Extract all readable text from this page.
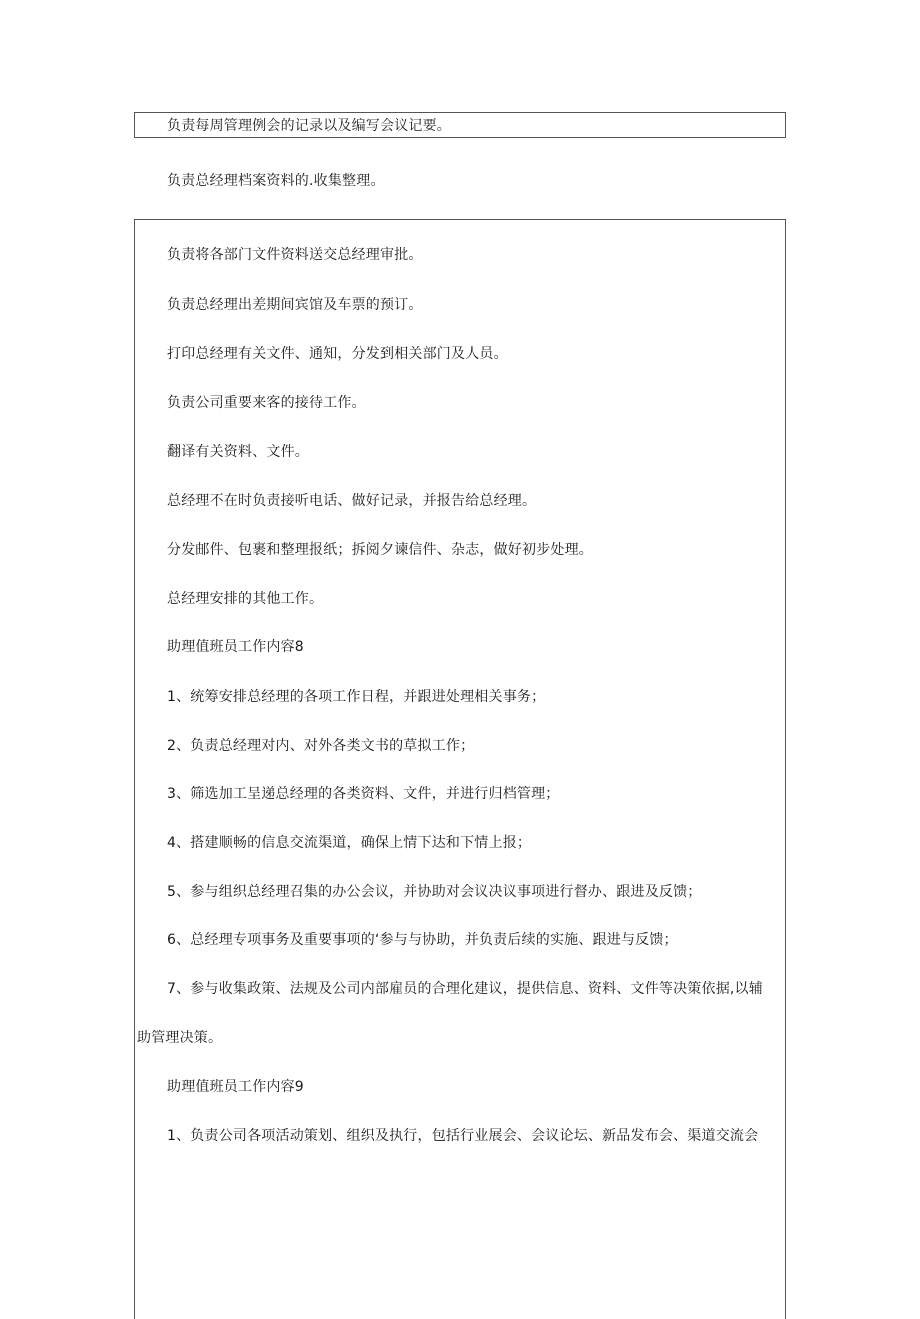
负责每周管理例会的记录以及编写会议记要。
负责总经理档案资料的.收集整理。
负责将各部门文件资料送交总经理审批。
负责总经理出差期间宾馆及车票的预订。
打印总经理有关文件、通知，分发到相关部门及人员。
负责公司重要来客的接待工作。
翻译有关资料、文件。
总经理不在时负责接听电话、做好记录，并报告给总经理。
分发邮件、包裹和整理报纸；拆阅夕谏信件、杂志，做好初步处理。
总经理安排的其他工作。
助理值班员工作内容8
1、统筹安排总经理的各项工作日程，并跟进处理相关事务；
2、负责总经理对内、对外各类文书的草拟工作；
3、筛选加工呈递总经理的各类资料、文件，并进行归档管理；
4、搭建顺畅的信息交流渠道，确保上情下达和下情上报；
5、参与组织总经理召集的办公会议，并协助对会议决议事项进行督办、跟进及反馈；
6、总经理专项事务及重要事项的‘参与与协助，并负责后续的实施、跟进与反馈；
7、参与收集政策、法规及公司内部雇员的合理化建议，提供信息、资料、文件等决策依据,以辅
助管理决策。
助理值班员工作内容9
1、负责公司各项活动策划、组织及执行，包括行业展会、会议论坛、新品发布会、渠道交流会
